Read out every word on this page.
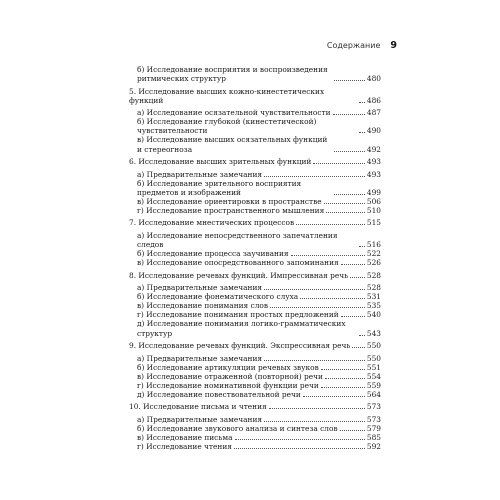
Содержание 9
б) Исследование восприятия и воспроизведения ритмических структур	480
5. Исследование высших кожно-кинестетических функций	486
а) Исследование осязательной чувствительности	487
б) Исследование глубокой (кинестетической) чувствительности	490
в) Исследование высших осязательных функций и стереогноза	492
6. Исследование высших зрительных функций	493
а) Предварительные замечания	493
б) Исследование зрительного восприятия предметов и изображений	499
в) Исследование ориентировки в пространстве	506
г) Исследование пространственного мышления	510
7. Исследование мнестических процессов	515
а) Исследование непосредственного запечатления следов	516
б) Исследование процесса заучивания	522
в) Исследование опосредствованного запоминания	526
8. Исследование речевых функций. Импрессивная речь	528
а) Предварительные замечания	528
б) Исследование фонематического слуха	531
в) Исследование понимания слов	535
г) Исследование понимания простых предложений	540
д) Исследование понимания логико-грамматических структур	543
9. Исследование речевых функций. Экспрессивная речь 550
а) Предварительные замечания	550
б) Исследование артикуляции речевых звуков	551
в) Исследование отраженной (повторной) речи	554
г) Исследование номинативной функции речи	559
д) Исследование повествовательной речи	564
10. Исследование письма и чтения	573
а) Предварительные замечания	573
б) Исследование звукового анализа и синтеза слов	579
в) Исследование письма	585
г) Исследование чтения	592
